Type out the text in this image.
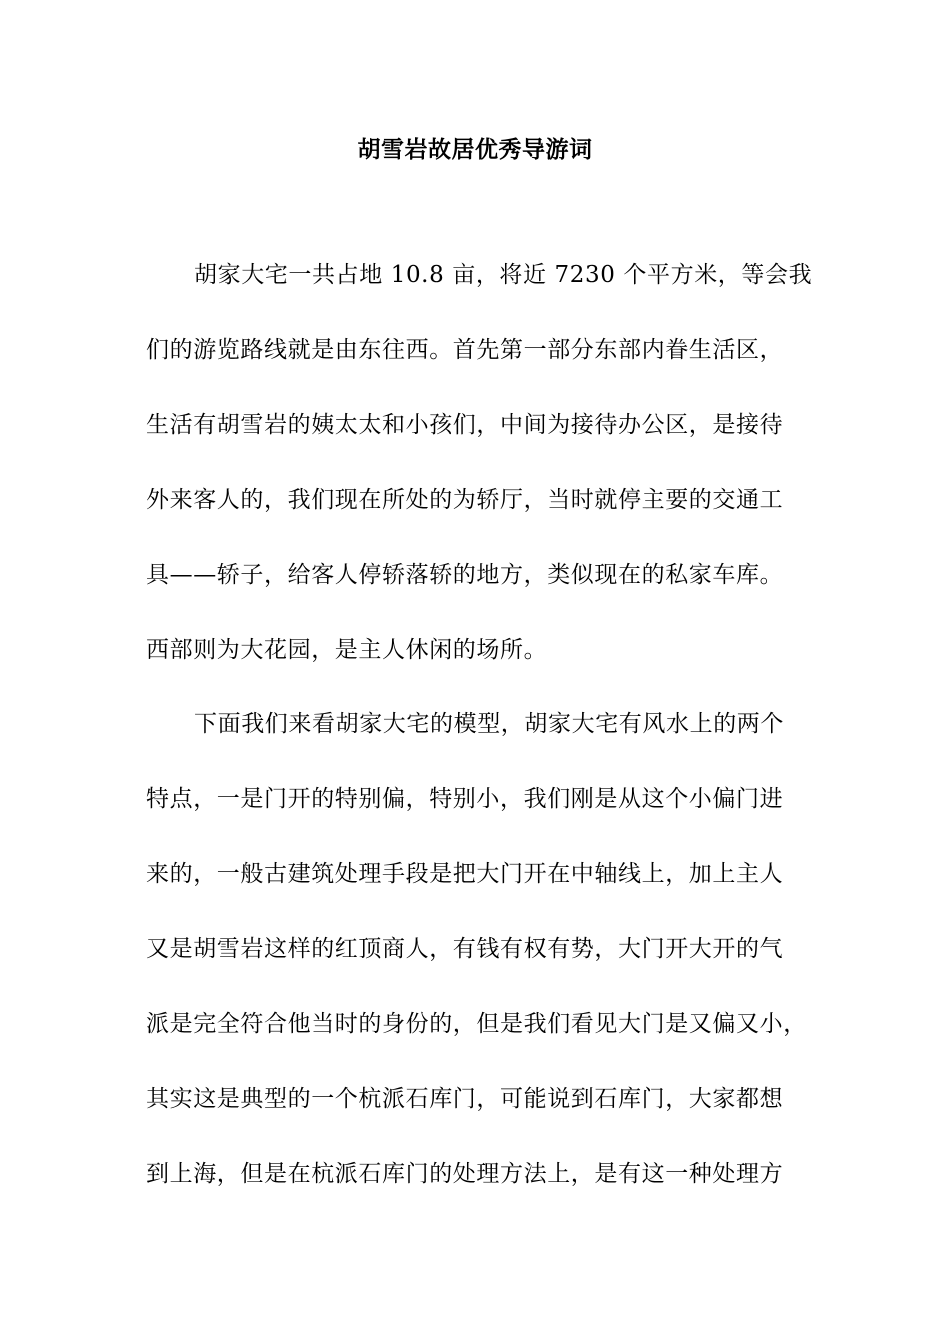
胡雪岩故居优秀导游词
胡家大宅一共占地 10.8 亩，将近 7230 个平方米，等会我
们的游览路线就是由东往西。首先第一部分东部内眷生活区，
生活有胡雪岩的姨太太和小孩们，中间为接待办公区，是接待
外来客人的，我们现在所处的为轿厅，当时就停主要的交通工
具——轿子，给客人停轿落轿的地方，类似现在的私家车库。
西部则为大花园，是主人休闲的场所。
下面我们来看胡家大宅的模型，胡家大宅有风水上的两个
特点，一是门开的特别偏，特别小，我们刚是从这个小偏门进
来的，一般古建筑处理手段是把大门开在中轴线上，加上主人
又是胡雪岩这样的红顶商人，有钱有权有势，大门开大开的气
派是完全符合他当时的身份的，但是我们看见大门是又偏又小，
其实这是典型的一个杭派石库门，可能说到石库门，大家都想
到上海，但是在杭派石库门的处理方法上，是有这一种处理方
